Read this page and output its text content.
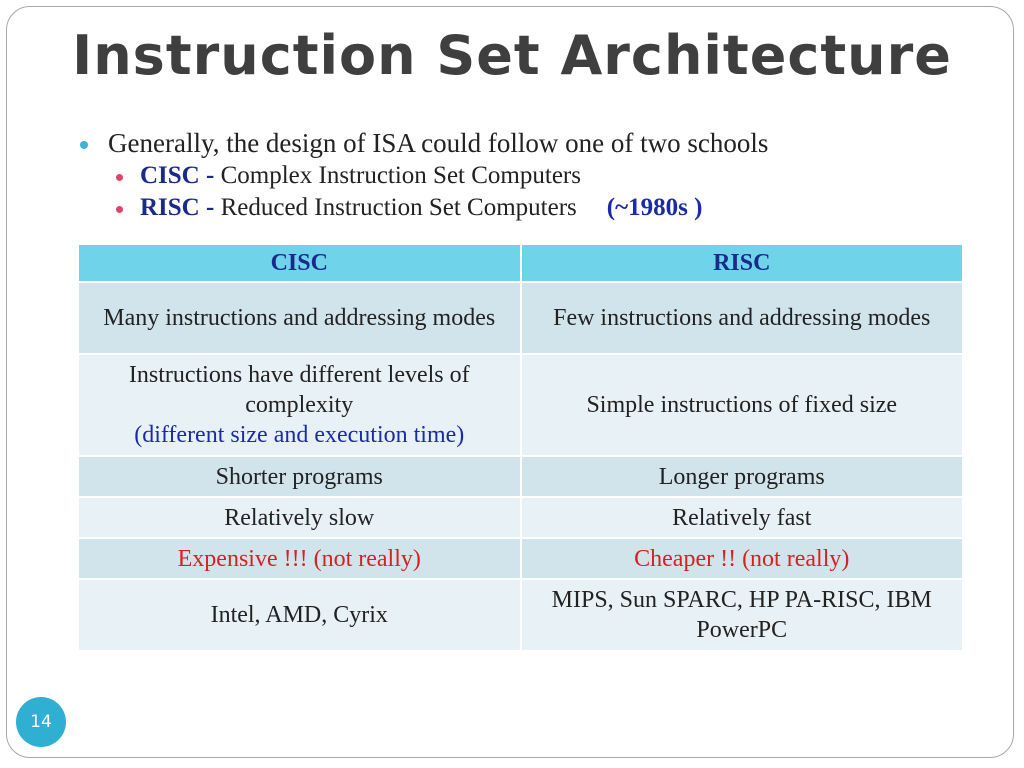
Instruction Set Architecture
Generally, the design of ISA could follow one of two schools
CISC - Complex Instruction Set Computers
RISC - Reduced Instruction Set Computers (~1980s )
CISC	RISC
Many instructions and addressing modes	Few instructions and addressing modes

Instructions have different levels of complexity
(different size and execution time)	Simple instructions of fixed size
Shorter programs	Longer programs
Relatively slow	Relatively fast
Expensive !!! (not really)	Cheaper !! (not really)
Intel, AMD, Cyrix	MIPS, Sun SPARC, HP PA-RISC, IBM PowerPC
14
